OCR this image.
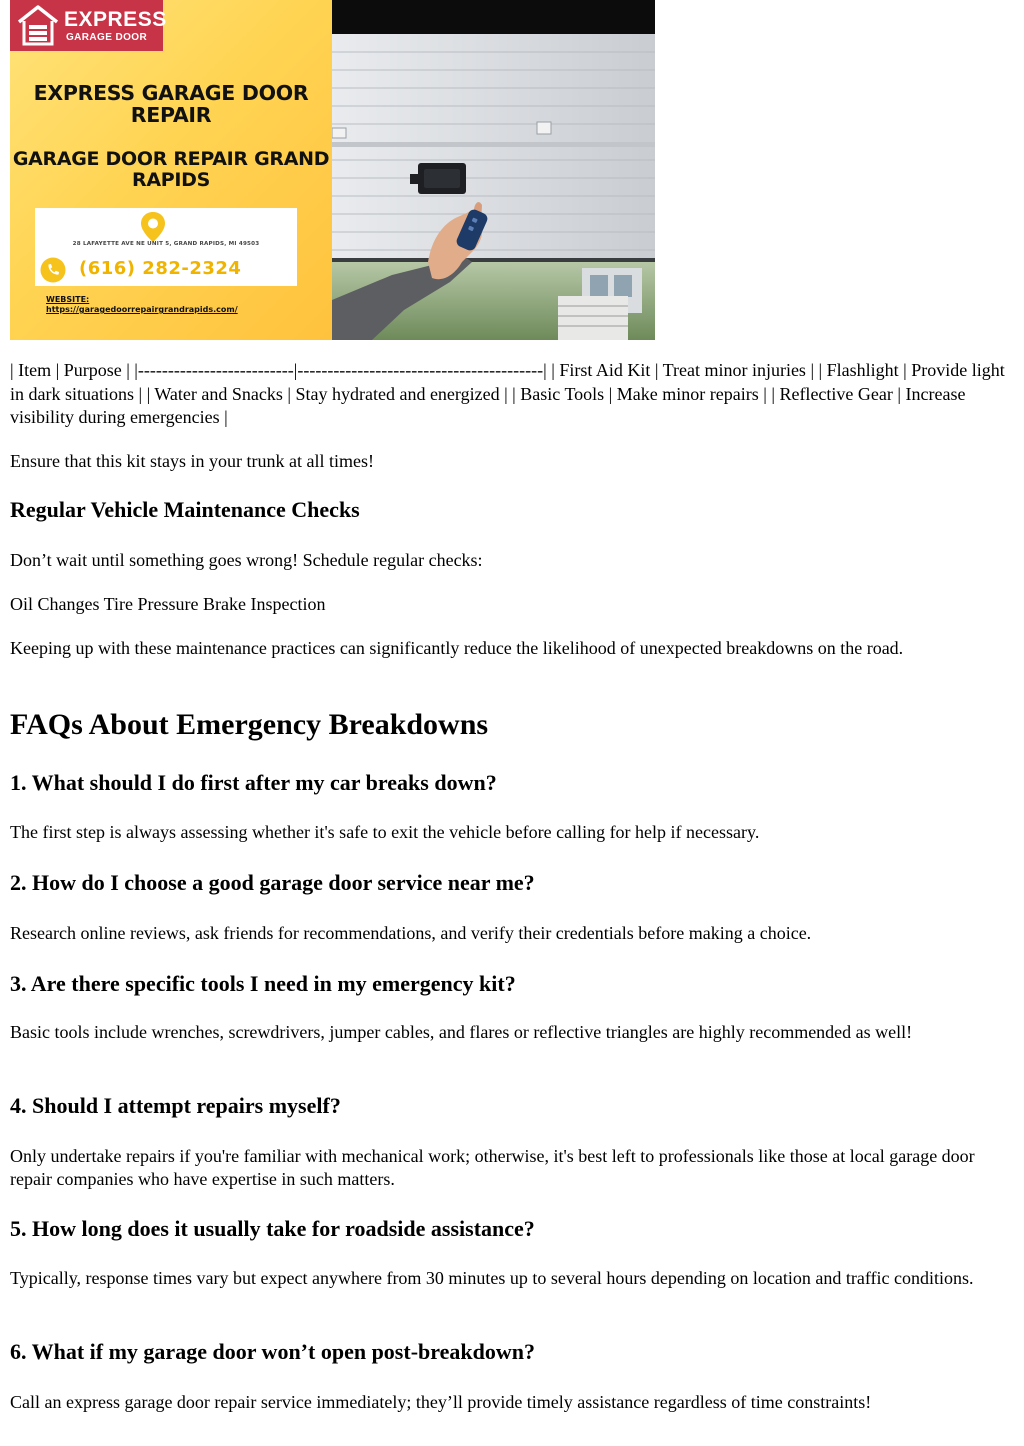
EXPRESS
GARAGE DOOR
EXPRESS GARAGE DOOR REPAIR
GARAGE DOOR REPAIR GRAND RAPIDS
28 LAFAYETTE AVE NE UNIT 5, GRAND RAPIDS, MI 49503
(616) 282-2324
WEBSITE:
https://garagedoorrepairgrandrapids.com/

| Item | Purpose | |--------------------------|-----------------------------------------| | First Aid Kit | Treat minor injuries | | Flashlight | Provide light in dark situations | | Water and Snacks | Stay hydrated and energized | | Basic Tools | Make minor repairs | | Reflective Gear | Increase visibility during emergencies |

Ensure that this kit stays in your trunk at all times!

Regular Vehicle Maintenance Checks

Don’t wait until something goes wrong! Schedule regular checks:

Oil Changes Tire Pressure Brake Inspection

Keeping up with these maintenance practices can significantly reduce the likelihood of unexpected breakdowns on the road.

FAQs About Emergency Breakdowns
1. What should I do first after my car breaks down?

The first step is always assessing whether it's safe to exit the vehicle before calling for help if necessary.

2. How do I choose a good garage door service near me?

Research online reviews, ask friends for recommendations, and verify their credentials before making a choice.

3. Are there specific tools I need in my emergency kit?

Basic tools include wrenches, screwdrivers, jumper cables, and flares or reflective triangles are highly recommended as well!

4. Should I attempt repairs myself?

Only undertake repairs if you're familiar with mechanical work; otherwise, it's best left to professionals like those at local garage door repair companies who have expertise in such matters.

5. How long does it usually take for roadside assistance?

Typically, response times vary but expect anywhere from 30 minutes up to several hours depending on location and traffic conditions.

6. What if my garage door won’t open post-breakdown?

Call an express garage door repair service immediately; they’ll provide timely assistance regardless of time constraints!
